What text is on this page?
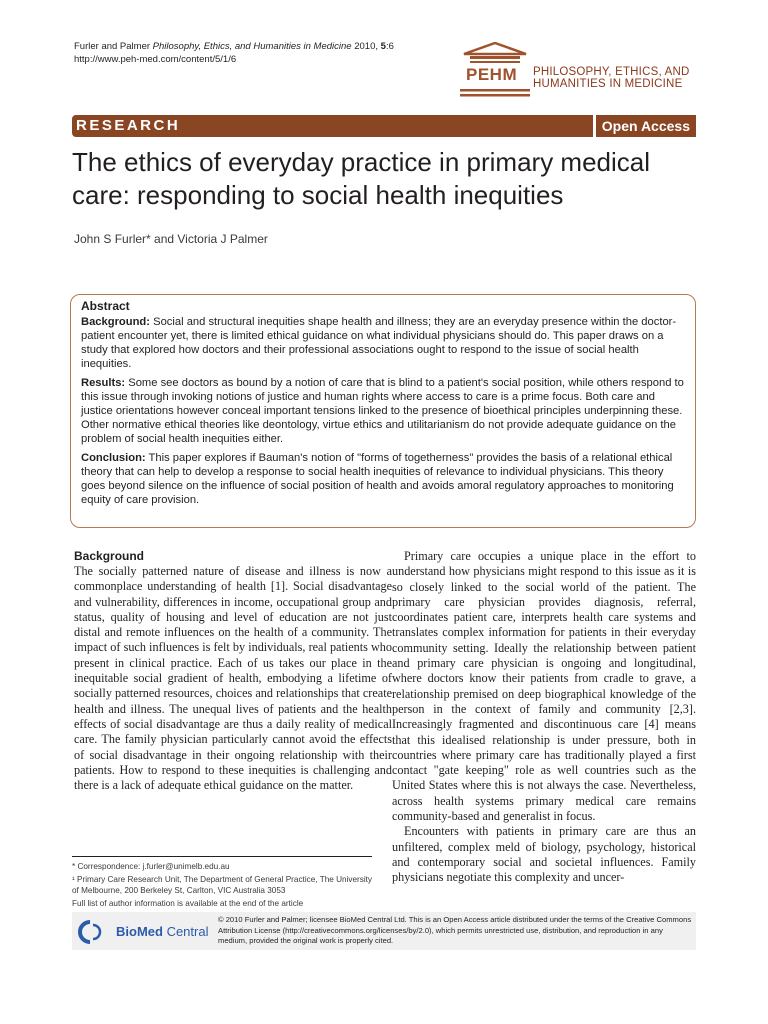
Furler and Palmer Philosophy, Ethics, and Humanities in Medicine 2010, 5:6
http://www.peh-med.com/content/5/1/6
PEHM PHILOSOPHY, ETHICS, AND
HUMANITIES IN MEDICINE
RESEARCH	Open Access
The ethics of everyday practice in primary medical care: responding to social health inequities
John S Furler* and Victoria J Palmer
Abstract

Background: Social and structural inequities shape health and illness; they are an everyday presence within the doctor-patient encounter yet, there is limited ethical guidance on what individual physicians should do. This paper draws on a study that explored how doctors and their professional associations ought to respond to the issue of social health inequities.

Results: Some see doctors as bound by a notion of care that is blind to a patient's social position, while others respond to this issue through invoking notions of justice and human rights where access to care is a prime focus. Both care and justice orientations however conceal important tensions linked to the presence of bioethical principles underpinning these. Other normative ethical theories like deontology, virtue ethics and utilitarianism do not provide adequate guidance on the problem of social health inequities either.

Conclusion: This paper explores if Bauman's notion of "forms of togetherness" provides the basis of a relational ethical theory that can help to develop a response to social health inequities of relevance to individual physicians. This theory goes beyond silence on the influence of social position of health and avoids amoral regulatory approaches to monitoring equity of care provision.

Background

The socially patterned nature of disease and illness is now a commonplace understanding of health [1]. Social disadvantage and vulnerability, differences in income, occupational group and status, quality of housing and level of education are not just distal and remote influences on the health of a community. The impact of such influences is felt by individuals, real patients who present in clinical practice. Each of us takes our place in the inequitable social gradient of health, embodying a lifetime of socially patterned resources, choices and relationships that create health and illness. The unequal lives of patients and the health effects of social disadvantage are thus a daily reality of medical care. The family physician particularly cannot avoid the effects of social disadvantage in their ongoing relationship with their patients. How to respond to these inequities is challenging and there is a lack of adequate ethical guidance on the matter.

Primary care occupies a unique place in the effort to understand how physicians might respond to this issue as it is so closely linked to the social world of the patient. The primary care physician provides diagnosis, referral, coordinates patient care, interprets health care systems and translates complex information for patients in their everyday community setting. Ideally the relationship between patient and primary care physician is ongoing and longitudinal, where doctors know their patients from cradle to grave, a relationship premised on deep biographical knowledge of the person in the context of family and community [2,3]. Increasingly fragmented and discontinuous care [4] means that this idealised relationship is under pressure, both in countries where primary care has traditionally played a first contact "gate keeping" role as well countries such as the United States where this is not always the case. Nevertheless, across health systems primary medical care remains community-based and generalist in focus.

Encounters with patients in primary care are thus an unfiltered, complex meld of biology, psychology, historical and contemporary social and societal influences. Family physicians negotiate this complexity and uncer-

* Correspondence: j.furler@unimelb.edu.au
¹ Primary Care Research Unit, The Department of General Practice, The University of Melbourne, 200 Berkeley St, Carlton, VIC Australia 3053
Full list of author information is available at the end of the article
BioMed Central
© 2010 Furler and Palmer; licensee BioMed Central Ltd. This is an Open Access article distributed under the terms of the Creative Commons Attribution License (http://creativecommons.org/licenses/by/2.0), which permits unrestricted use, distribution, and reproduction in any medium, provided the original work is properly cited.
